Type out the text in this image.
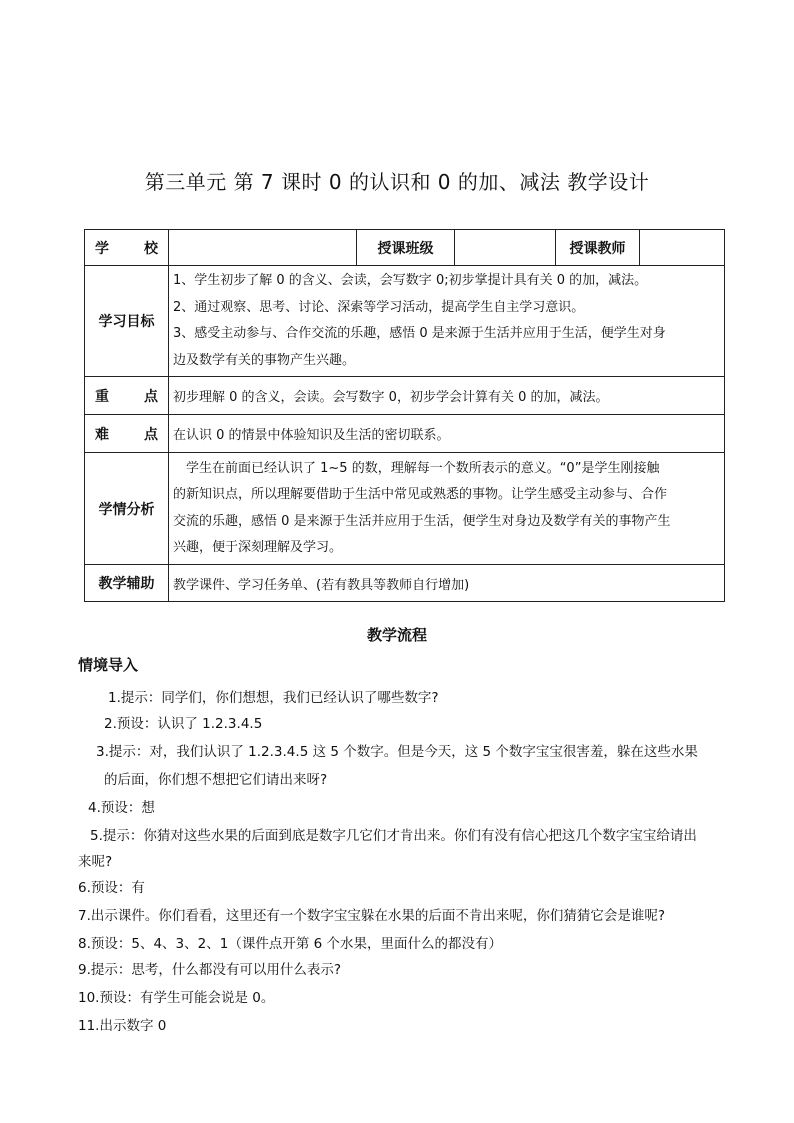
第三单元 第 7 课时 0 的认识和 0 的加、减法 教学设计
学 校		授课班级		授课教师	
学习目标	1、学生初步了解 0 的含义、会读，会写数字 0;初步掌提计具有关 0 的加，减法。
2、通过观察、思考、讨论、深索等学习活动，提高学生自主学习意识。
3、感受主动参与、合作交流的乐趣，感悟 0 是来源于生活并应用于生活，便学生对身
边及数学有关的事物产生兴趣。				

重 点	初步理解 0 的含义，会读。会写数字 0，初步学会计算有关 0 的加，减法。				

难 点	在认识 0 的情景中体验知识及生活的密切联系。				
学情分析	学生在前面已经认识了 1~5 的数，理解每一个数所表示的意义。“0”是学生刚接触
的新知识点，所以理解要借助于生活中常见或熟悉的事物。让学生感受主动参与、合作
交流的乐趣，感悟 0 是来源于生活并应用于生活，便学生对身边及数学有关的事物产生
兴趣，便于深刻理解及学习。				

教学辅助	教学课件、学习任务单、(若有教具等教师自行增加)				
教学流程
情境导入
1.提示：同学们，你们想想，我们已经认识了哪些数字?
2.预设：认识了 1.2.3.4.5
3.提示：对，我们认识了 1.2.3.4.5 这 5 个数字。但是今天，这 5 个数字宝宝很害羞，躲在这些水果
的后面，你们想不想把它们请出来呀?
4.预设：想
5.提示：你猜对这些水果的后面到底是数字几它们才肯出来。你们有没有信心把这几个数字宝宝给请出
来呢?
6.预设：有
7.出示课件。你们看看，这里还有一个数字宝宝躲在水果的后面不肯出来呢，你们猜猜它会是谁呢?
8.预设：5、4、3、2、1（课件点开第 6 个水果，里面什么的都没有）
9.提示：思考，什么都没有可以用什么表示?
10.预设：有学生可能会说是 0。
11.出示数字 0
